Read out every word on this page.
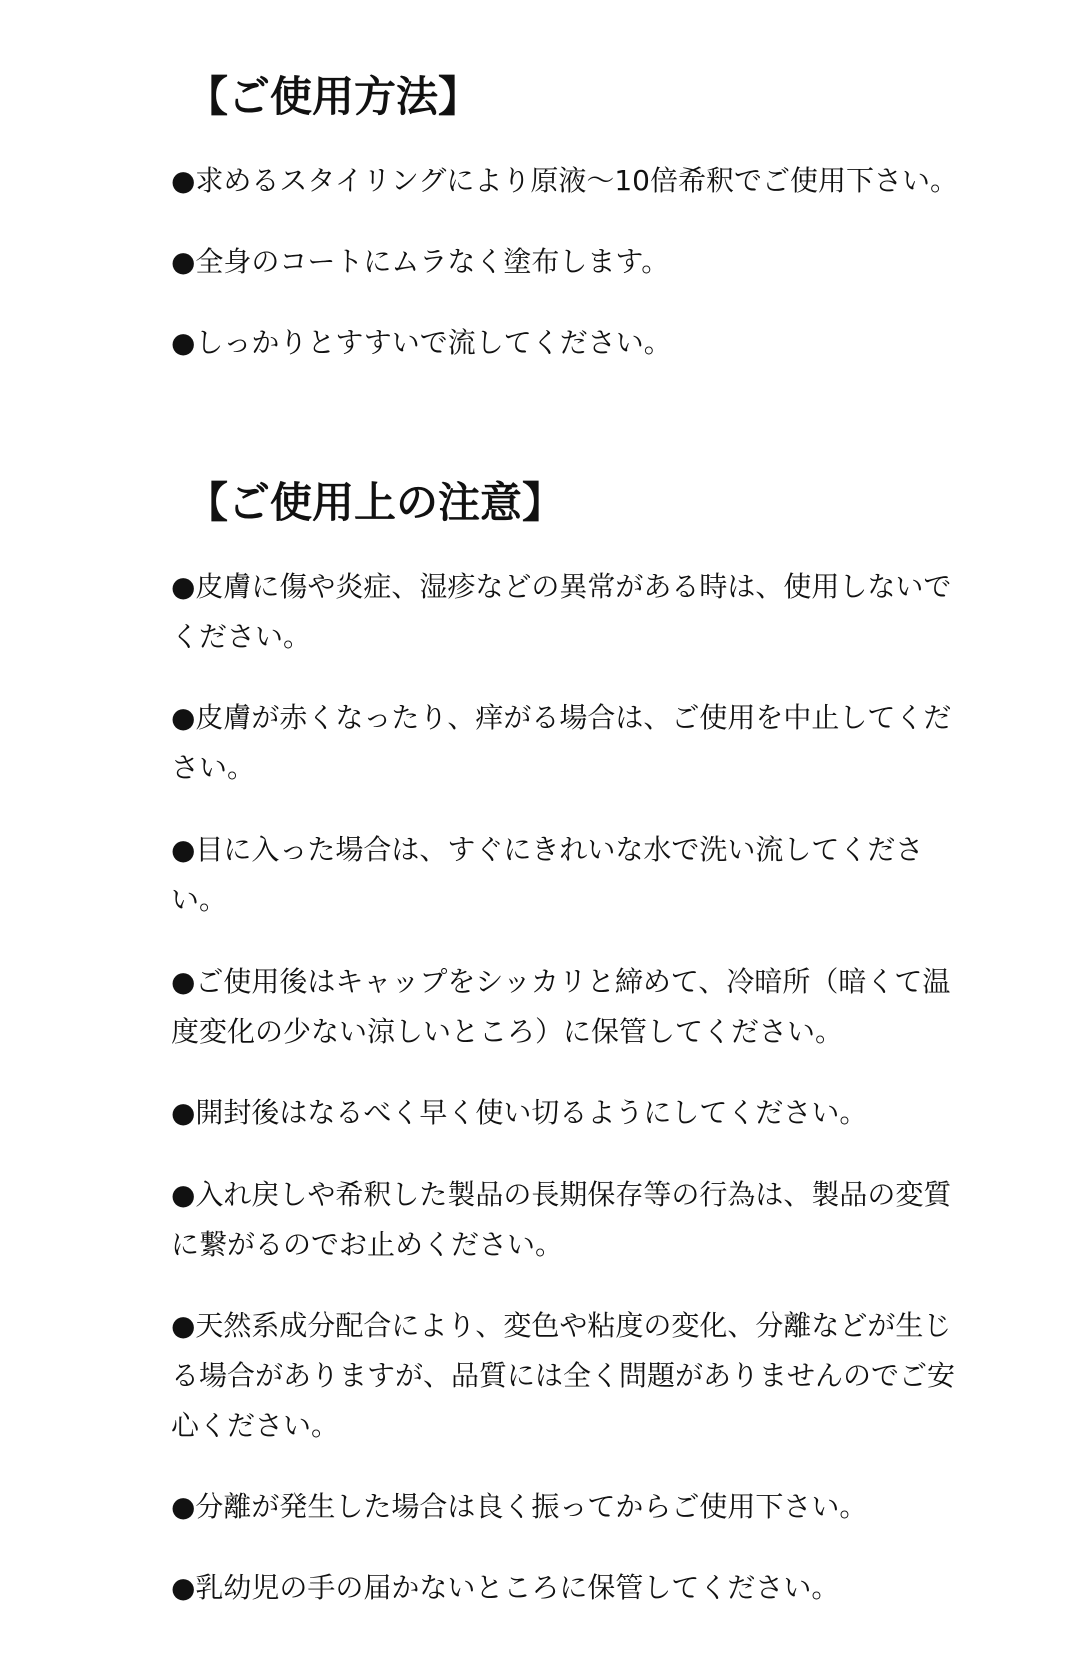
【ご使用方法】

●求めるスタイリングにより原液〜10倍希釈でご使用下さい。

●全身のコートにムラなく塗布します。

●しっかりとすすいで流してください。

【ご使用上の注意】

●皮膚に傷や炎症、湿疹などの異常がある時は、使用しないでください。

●皮膚が赤くなったり、痒がる場合は、ご使用を中止してください。

●目に入った場合は、すぐにきれいな水で洗い流してください。

●ご使用後はキャップをシッカリと締めて、冷暗所（暗くて温度変化の少ない涼しいところ）に保管してください。

●開封後はなるべく早く使い切るようにしてください。

●入れ戻しや希釈した製品の長期保存等の行為は、製品の変質に繋がるのでお止めください。

●天然系成分配合により、変色や粘度の変化、分離などが生じる場合がありますが、品質には全く問題がありませんのでご安心ください。

●分離が発生した場合は良く振ってからご使用下さい。

●乳幼児の手の届かないところに保管してください。
